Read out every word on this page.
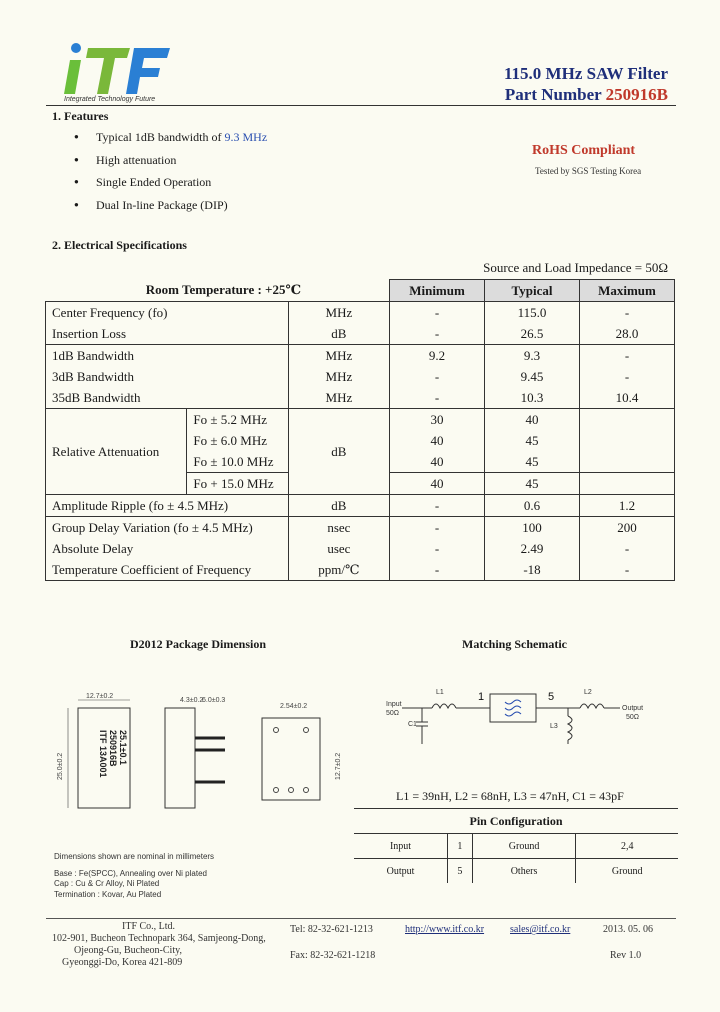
Integrated Technology Future
115.0 MHz SAW Filter
Part Number 250916B
1. Features
● Typical 1dB bandwidth of 9.3 MHz
● High attenuation
● Single Ended Operation
● Dual In-line Package (DIP)
RoHS Compliant
Tested by SGS Testing Korea
2. Electrical Specifications
Source and Load Impedance = 50Ω
Room Temperature : +25℃			Minimum	Typical	Maximum
Center Frequency (fo)		MHz	-	115.0	-
Insertion Loss		dB	-	26.5	28.0
1dB Bandwidth		MHz	9.2	9.3	-
3dB Bandwidth		MHz	-	9.45	-
35dB Bandwidth		MHz	-	10.3	10.4
Relative Attenuation	Fo ± 5.2 MHz	dB	30	40	
	Fo ± 6.0 MHz		40	45	
	Fo ± 10.0 MHz		40	45	
	Fo + 15.0 MHz		40	45	
Amplitude Ripple (fo ± 4.5 MHz)		dB	-	0.6	1.2
Group Delay Variation (fo ± 4.5 MHz)		nsec	-	100	200
Absolute Delay		usec	-	2.49	-
Temperature Coefficient of Frequency		ppm/℃	-	-18	-
D2012 Package Dimension	Matching Schematic
12.7±0.2
25.0±0.2	ITF 13A001 250916B 25.1±0.1
4.3±0.2
6.0±0.3
2.54±0.2
12.7±0.2
Dimensions shown are nominal in millimeters
Base : Fe(SPCC), Annealing over Ni plated
Cap : Cu & Cr Alloy, Ni Plated
Termination : Kovar, Au Plated
Input
50Ω
L1	1
C1
5
L3
L2
Output
50Ω
L1 = 39nH, L2 = 68nH, L3 = 47nH, C1 = 43pF
Pin Configuration			
Input	1	Ground	2,4
Output	5	Others	Ground
ITF Co., Ltd.
102-901, Bucheon Technopark 364, Samjeong-Dong,
Ojeong-Gu, Bucheon-City,
Gyeonggi-Do, Korea 421-809
Tel: 82-32-621-1213
Fax: 82-32-621-1218
http://www.itf.co.kr	sales@itf.co.kr	2013. 05. 06
Rev 1.0
